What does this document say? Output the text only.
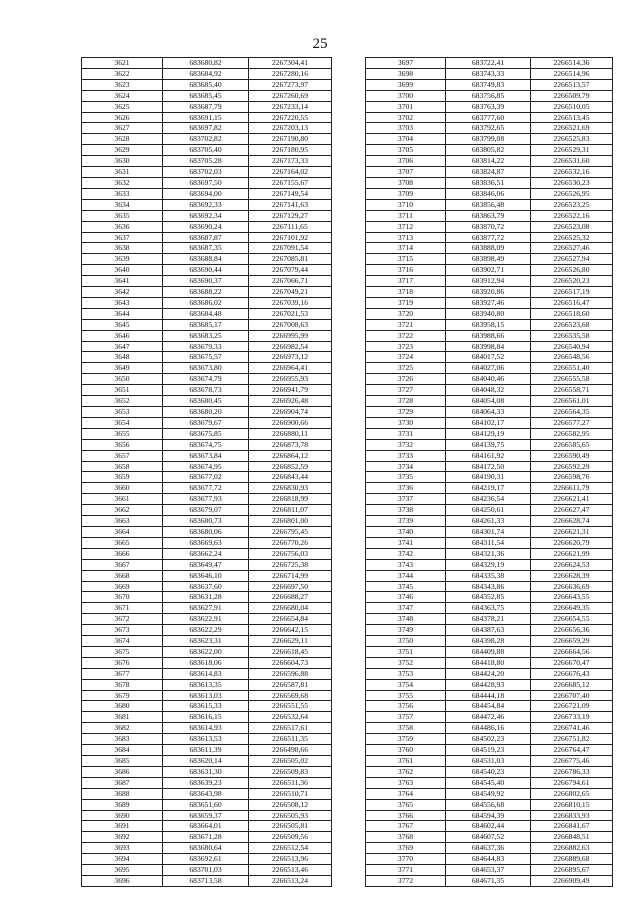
25
3621	683680,82	2267304,41
3622	683684,92	2267280,16
3623	683685,40	2267273,97
3624	683685,45	2267260,69
3625	683687,79	2267233,14
3626	683691,15	2267220,55
3627	683697,82	2267203,13
3628	683702,82	2267190,80
3629	683705,40	2267180,95
3630	683705,28	2267173,33
3631	683702,03	2267164,02
3632	683697,50	2267155,67
3633	683694,00	2267149,54
3634	683692,33	2267141,63
3635	683692,34	2267129,27
3636	683690,24	2267111,65
3637	683687,87	2267101,92
3638	683687,35	2267091,54
3639	683688,84	2267085,81
3640	683690,44	2267079,44
3641	683690,37	2267066,71
3642	683688,22	2267049,21
3643	683686,02	2267039,16
3644	683684,48	2267021,53
3645	683685,17	2267008,63
3646	683683,25	2266995,99
3647	683679,33	2266982,54
3648	683675,57	2266973,12
3649	683673,80	2266964,41
3650	683674,79	2266955,93
3651	683678,73	2266941,79
3652	683680,45	2266926,48
3653	683680,20	2266904,74
3654	683679,67	2266900,66
3655	683675,85	2266880,11
3656	683674,75	2266873,78
3657	683673,84	2266864,12
3658	683674,95	2266852,59
3659	683677,02	2266843,44
3660	683677,72	2266830,93
3661	683677,93	2266818,99
3662	683679,07	2266811,07
3663	683680,73	2266801,00
3664	683680,06	2266795,45
3665	683669,63	2266770,26
3666	683662,24	2266756,03
3667	683649,47	2266725,38
3668	683646,10	2266714,99
3669	683637,60	2266697,50
3670	683631,28	2266688,27
3671	683627,91	2266680,04
3672	683622,91	2266654,84
3673	683622,29	2266642,15
3674	683623,31	2266629,11
3675	683622,00	2266618,45
3676	683618,06	2266604,73
3677	683614,83	2266596,88
3678	683613,35	2266587,81
3679	683613,03	2266569,68
3680	683615,33	2266551,55
3681	683616,15	2266532,64
3682	683614,93	2266517,61
3683	683613,53	2266511,35
3684	683611,39	2266498,66
3685	683620,14	2266505,02
3686	683631,30	2266509,83
3687	683639,23	2266511,36
3688	683643,98	2266510,71
3689	683651,60	2266508,12
3690	683659,37	2266505,93
3691	683664,01	2266505,81
3692	683671,28	2266509,56
3693	683680,64	2266512,54
3694	683692,61	2266513,96
3695	683701,03	2266513,46
3696	683713,58	2266513,24
3697	683722,41	2266514,36
3698	683743,33	2266514,96
3699	683749,83	2266513,57
3700	683756,85	2266509,79
3701	683763,39	2266510,05
3702	683777,60	2266513,45
3703	683792,65	2266521,69
3704	683799,08	2266525,83
3705	683805,82	2266529,31
3706	683814,22	2266531,60
3707	683824,87	2266532,16
3708	683836,51	2266530,23
3709	683846,06	2266526,95
3710	683856,48	2266523,25
3711	683863,79	2266522,16
3712	683870,72	2266523,08
3713	683877,72	2266525,32
3714	683888,09	2266527,46
3715	683898,49	2266527,94
3716	683902,71	2266526,80
3717	683912,94	2266520,23
3718	683920,86	2266517,19
3719	683927,46	2266516,47
3720	683940,80	2266518,60
3721	683958,15	2266523,68
3722	683988,66	2266535,58
3723	683998,84	2266540,94
3724	684017,52	2266548,56
3725	684027,06	2266551,40
3726	684040,46	2266555,58
3727	684048,32	2266558,71
3728	684054,08	2266561,01
3729	684064,33	2266564,35
3730	684102,17	2266577,27
3731	684129,19	2266582,95
3732	684139,75	2266585,65
3733	684161,92	2266590,49
3734	684172,50	2266592,29
3735	684190,31	2266598,76
3736	684219,17	2266611,79
3737	684236,54	2266621,41
3738	684250,61	2266627,47
3739	684261,33	2266628,74
3740	684301,74	2266621,31
3741	684311,54	2266620,79
3742	684321,36	2266621,99
3743	684329,19	2266624,53
3744	684335,38	2266628,39
3745	684343,86	2266636,69
3746	684352,85	2266643,55
3747	684363,75	2266649,35
3748	684378,21	2266654,55
3749	684387,63	2266656,36
3750	684398,28	2266659,29
3751	684409,88	2266664,56
3752	684418,80	2266670,47
3753	684424,20	2266676,43
3754	684428,93	2266685,12
3755	684444,18	2266707,40
3756	684454,84	2266721,09
3757	684472,46	2266733,19
3758	684486,16	2266741,46
3759	684502,23	2266751,82
3760	684519,23	2266764,47
3761	684531,03	2266775,46
3762	684540,23	2266786,33
3763	684545,40	2266794,61
3764	684549,92	2266802,65
3765	684556,68	2266810,15
3766	684594,39	2266833,93
3767	684602,44	2266841,67
3768	684607,52	2266848,51
3769	684637,36	2266882,63
3770	684644,83	2266889,68
3771	684653,37	2266895,67
3772	684671,35	2266909,49
